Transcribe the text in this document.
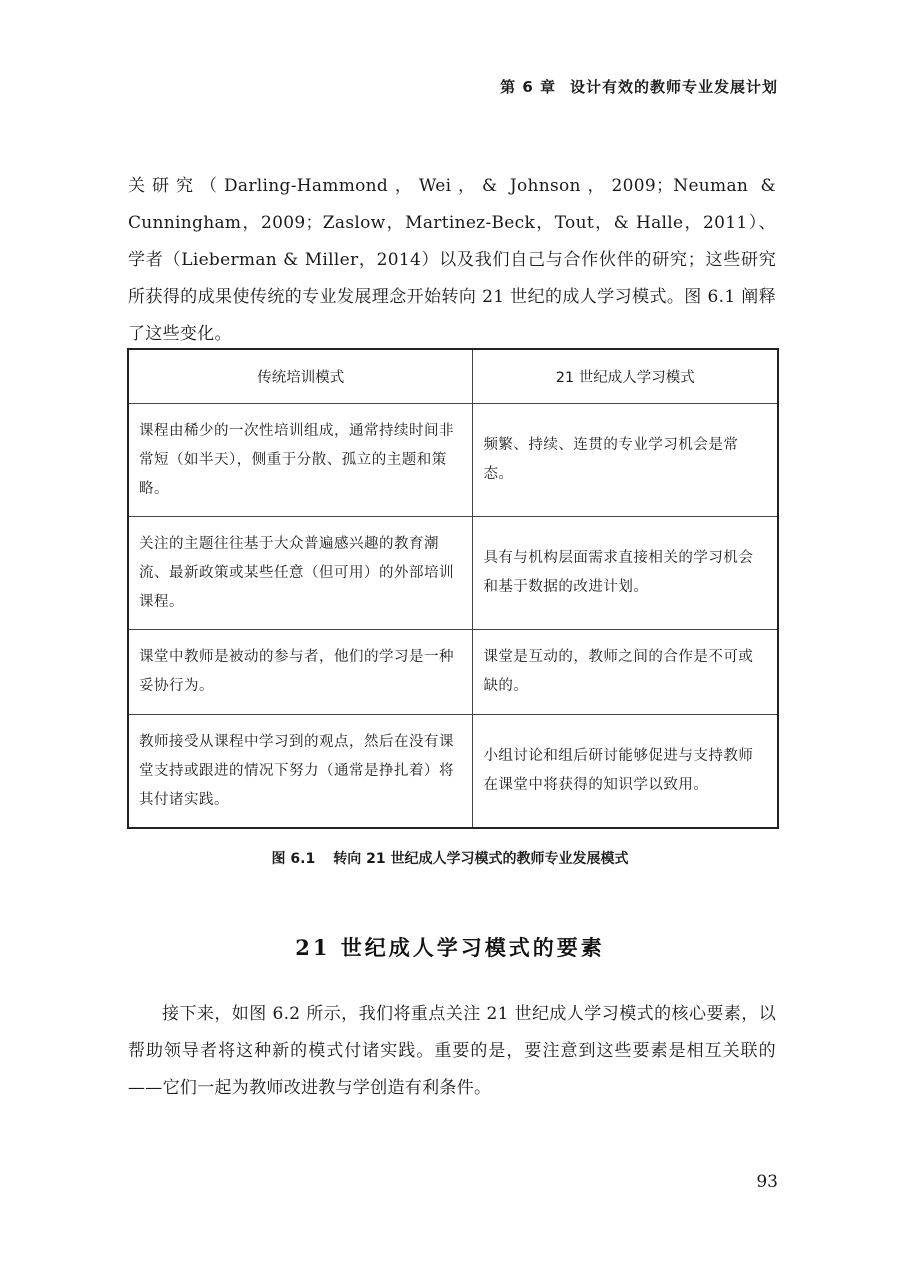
第 6 章 设计有效的教师专业发展计划
关研究（Darling-Hammond，Wei，& Johnson，2009；Neuman & Cunningham，2009；Zaslow，Martinez-Beck，Tout，& Halle，2011）、学者（Lieberman & Miller，2014）以及我们自己与合作伙伴的研究；这些研究所获得的成果使传统的专业发展理念开始转向 21 世纪的成人学习模式。图 6.1 阐释了这些变化。
传统培训模式	21 世纪成人学习模式
课程由稀少的一次性培训组成，通常持续时间非常短（如半天），侧重于分散、孤立的主题和策略。	频繁、持续、连贯的专业学习机会是常态。
关注的主题往往基于大众普遍感兴趣的教育潮流、最新政策或某些任意（但可用）的外部培训课程。	具有与机构层面需求直接相关的学习机会和基于数据的改进计划。
课堂中教师是被动的参与者，他们的学习是一种妥协行为。	课堂是互动的，教师之间的合作是不可或缺的。
教师接受从课程中学习到的观点，然后在没有课堂支持或跟进的情况下努力（通常是挣扎着）将其付诸实践。	小组讨论和组后研讨能够促进与支持教师在课堂中将获得的知识学以致用。
图 6.1 转向 21 世纪成人学习模式的教师专业发展模式
21 世纪成人学习模式的要素
接下来，如图 6.2 所示，我们将重点关注 21 世纪成人学习模式的核心要素，以帮助领导者将这种新的模式付诸实践。重要的是，要注意到这些要素是相互关联的——它们一起为教师改进教与学创造有利条件。
93
